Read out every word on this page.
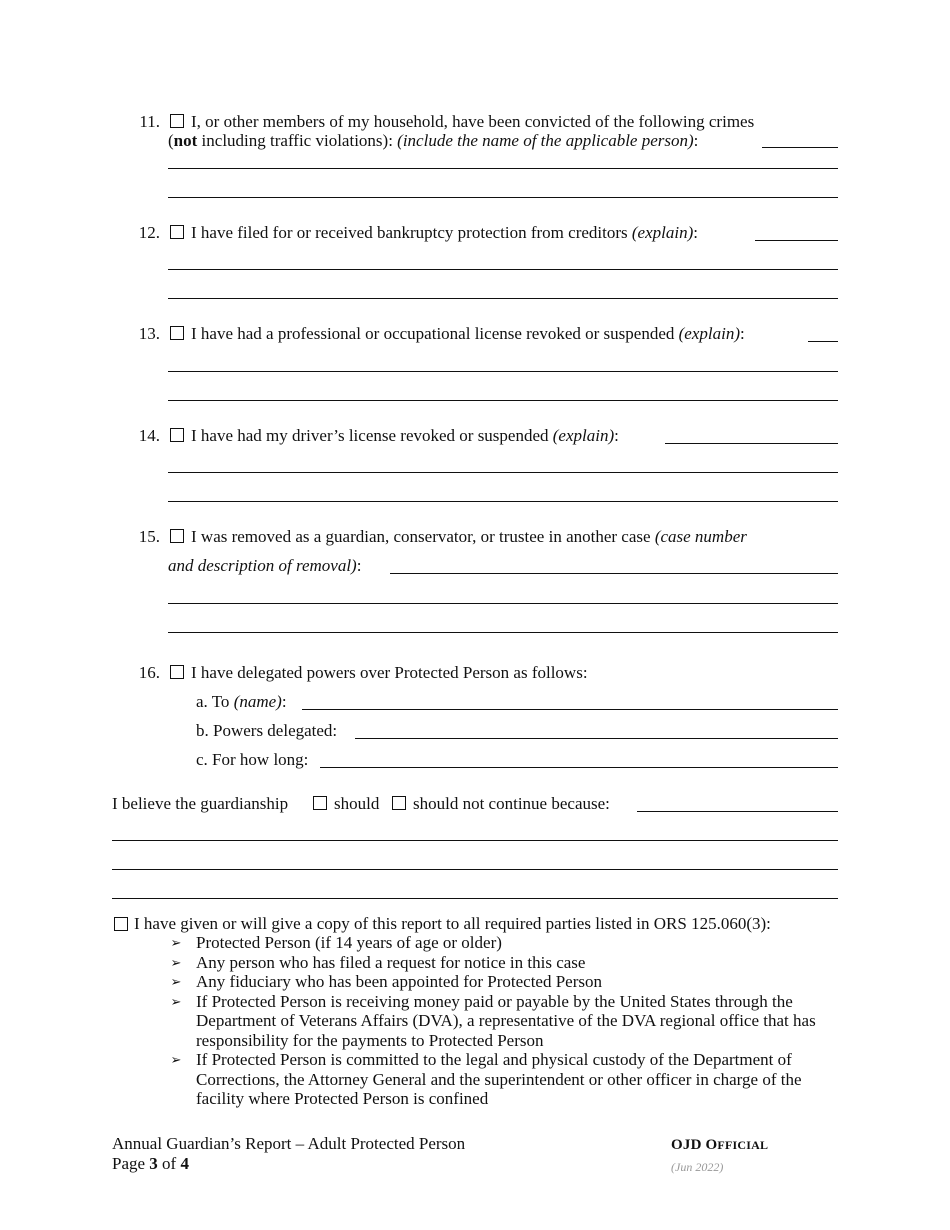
11. I, or other members of my household, have been convicted of the following crimes
(not including traffic violations): (include the name of the applicable person):
12. I have filed for or received bankruptcy protection from creditors (explain):
13. I have had a professional or occupational license revoked or suspended (explain):
14. I have had my driver’s license revoked or suspended (explain):
15. I was removed as a guardian, conservator, or trustee in another case (case number
and description of removal):
16. I have delegated powers over Protected Person as follows:
a. To (name):
b. Powers delegated:
c. For how long:
I believe the guardianship	should should not continue because:
I have given or will give a copy of this report to all required parties listed in ORS 125.060(3):
➢ Protected Person (if 14 years of age or older)
➢ Any person who has filed a request for notice in this case
➢ Any fiduciary who has been appointed for Protected Person
➢ If Protected Person is receiving money paid or payable by the United States through the Department of Veterans Affairs (DVA), a representative of the DVA regional office that has responsibility for the payments to Protected Person
➢ If Protected Person is committed to the legal and physical custody of the Department of Corrections, the Attorney General and the superintendent or other officer in charge of the facility where Protected Person is confined
Annual Guardian’s Report – Adult Protected Person
Page 3 of 4
OJD OFFICIAL
(Jun 2022)
